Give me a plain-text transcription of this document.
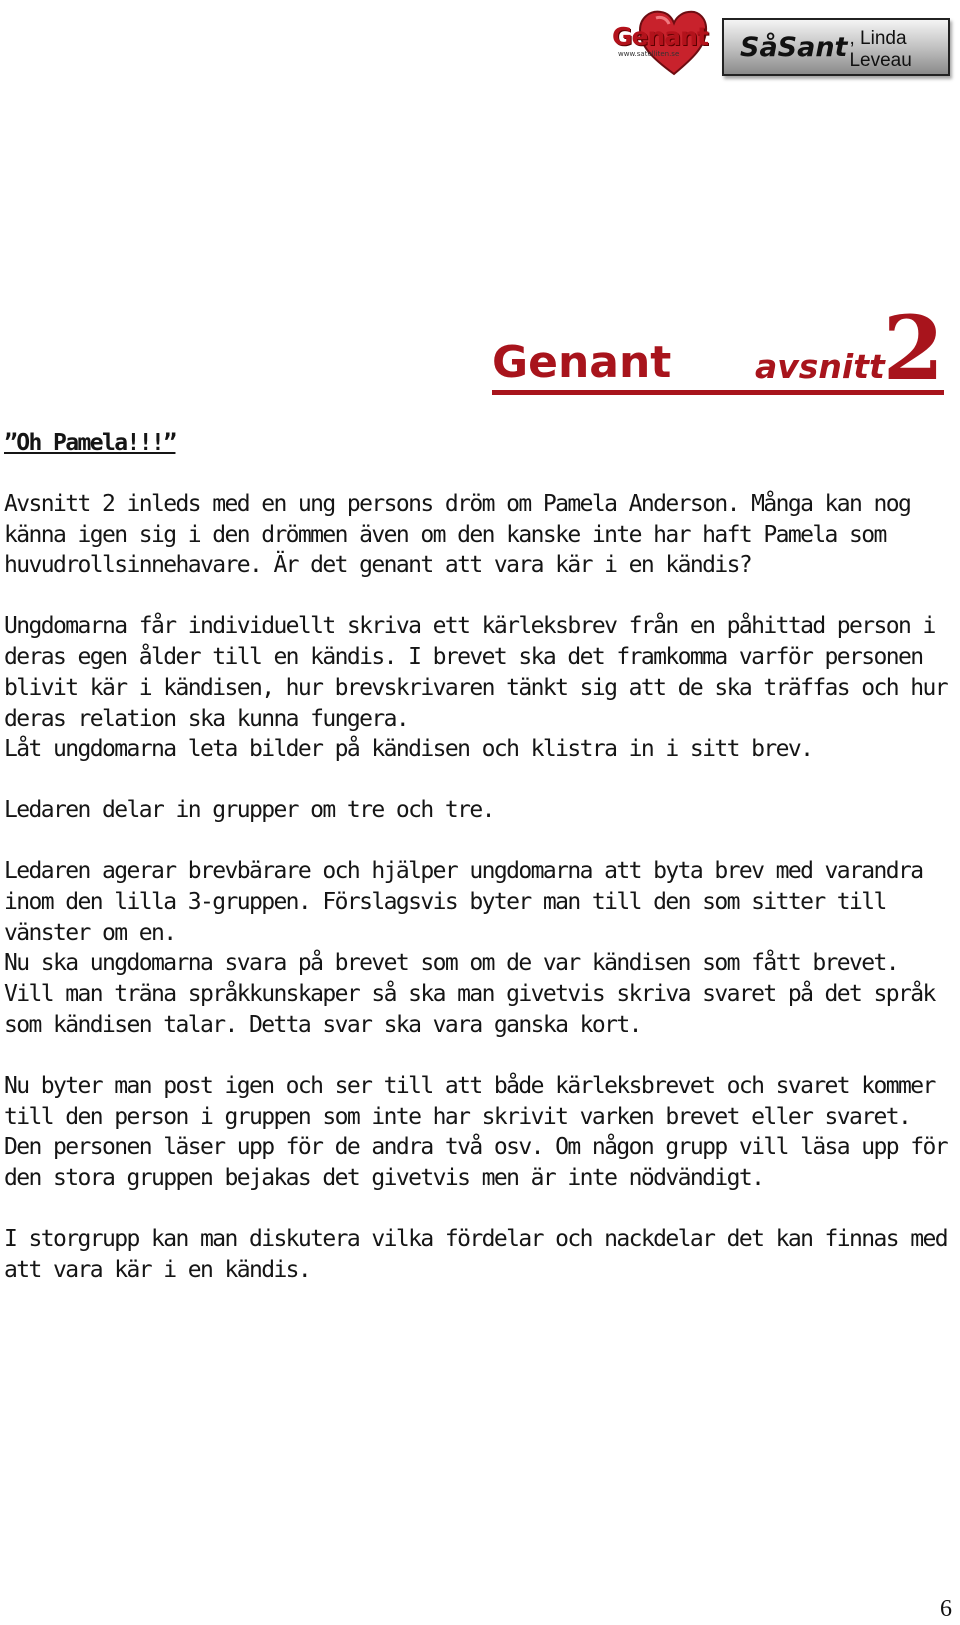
Genant
www.satelliten.se SåSant , Linda Leveau
Genant	avsnitt
2
”Oh Pamela!!!”

Avsnitt 2 inleds med en ung persons dröm om Pamela Anderson. Många kan nog känna igen sig i den drömmen även om den kanske inte har haft Pamela som huvudrollsinnehavare. Är det genant att vara kär i en kändis?

Ungdomarna får individuellt skriva ett kärleksbrev från en påhittad person i deras egen ålder till en kändis. I brevet ska det framkomma varför personen blivit kär i kändisen, hur brevskrivaren tänkt sig att de ska träffas och hur deras relation ska kunna fungera.

Låt ungdomarna leta bilder på kändisen och klistra in i sitt brev.

Ledaren delar in grupper om tre och tre.

Ledaren agerar brevbärare och hjälper ungdomarna att byta brev med varandra inom den lilla 3-gruppen. Förslagsvis byter man till den som sitter till vänster om en.

Nu ska ungdomarna svara på brevet som om de var kändisen som fått brevet. Vill man träna språkkunskaper så ska man givetvis skriva svaret på det språk som kändisen talar. Detta svar ska vara ganska kort.

Nu byter man post igen och ser till att både kärleksbrevet och svaret kommer till den person i gruppen som inte har skrivit varken brevet eller svaret. Den personen läser upp för de andra två osv. Om någon grupp vill läsa upp för den stora gruppen bejakas det givetvis men är inte nödvändigt.

I storgrupp kan man diskutera vilka fördelar och nackdelar det kan finnas med att vara kär i en kändis.

6
